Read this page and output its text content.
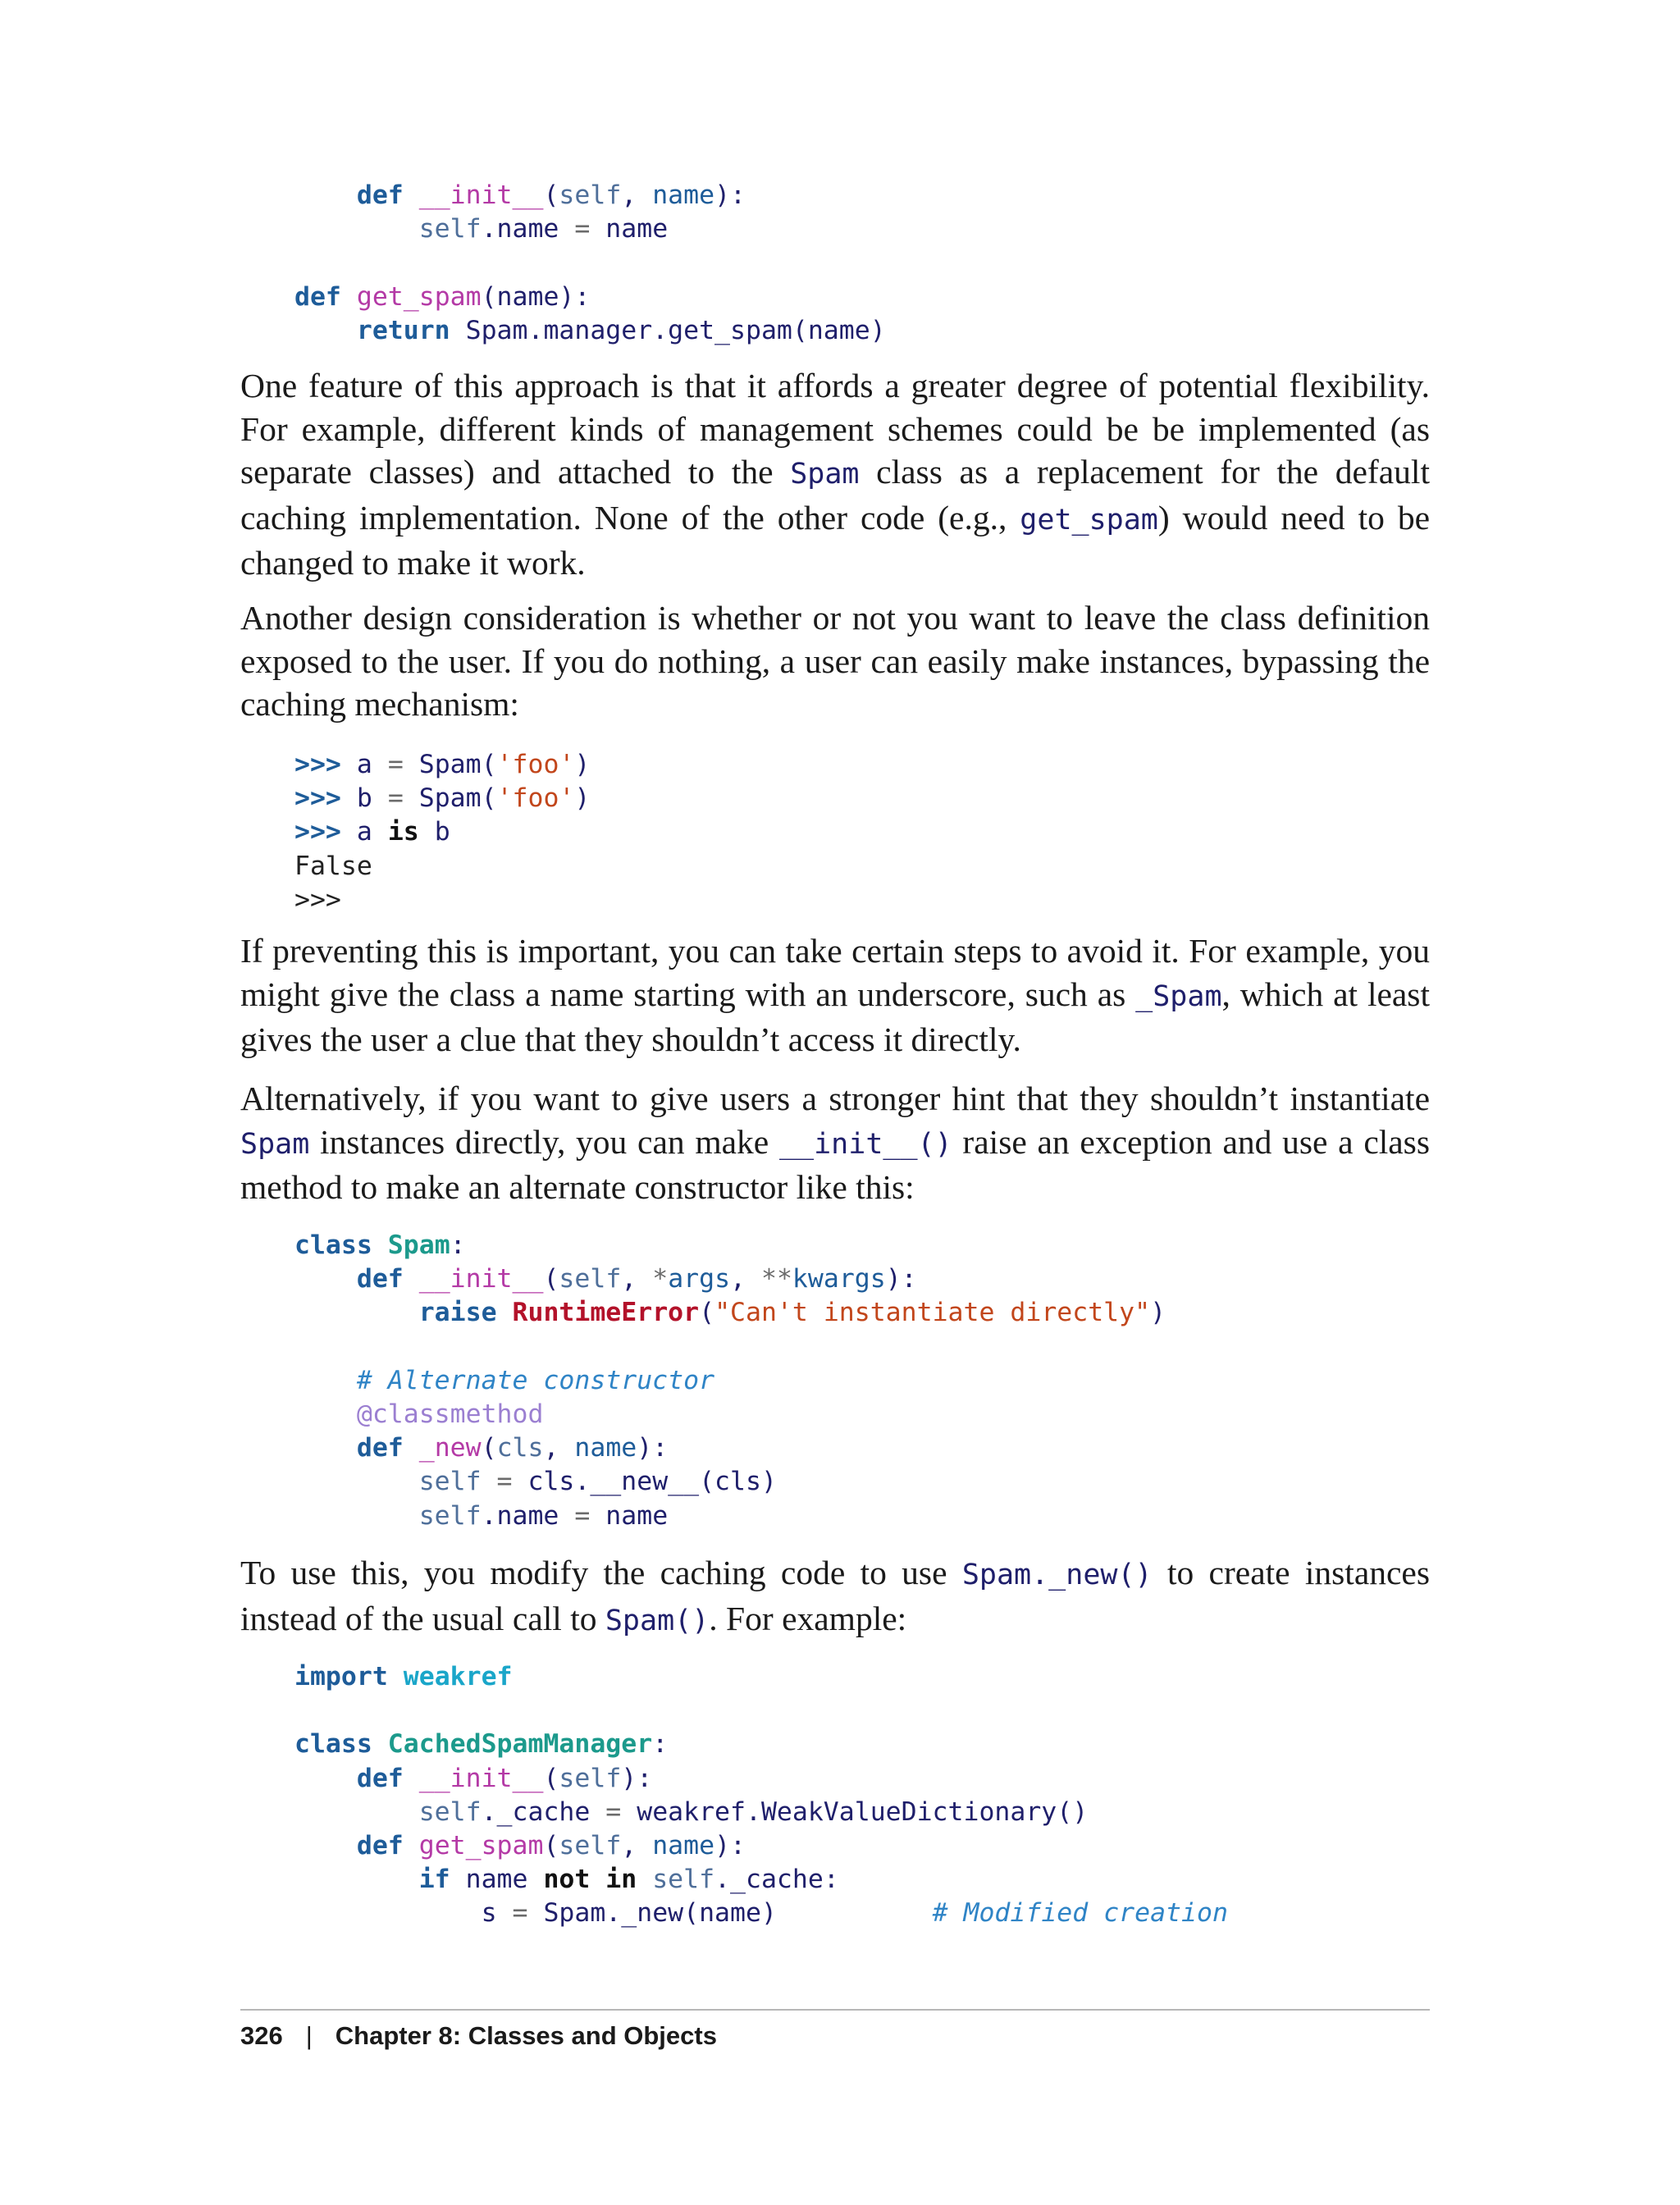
def __init__(self, name):
self.name = name

def get_spam(name):
return Spam.manager.get_spam(name)

One feature of this approach is that it affords a greater degree of potential flexibility. For example, different kinds of management schemes could be be implemented (as separate classes) and attached to the Spam class as a replacement for the default caching implementation. None of the other code (e.g., get_spam) would need to be changed to make it work.

Another design consideration is whether or not you want to leave the class definition exposed to the user. If you do nothing, a user can easily make instances, bypassing the caching mechanism:

>>> a = Spam('foo')
>>> b = Spam('foo')
>>> a is b
False
>>>

If preventing this is important, you can take certain steps to avoid it. For example, you might give the class a name starting with an underscore, such as _Spam, which at least gives the user a clue that they shouldn’t access it directly.

Alternatively, if you want to give users a stronger hint that they shouldn’t instantiate Spam instances directly, you can make __init__() raise an exception and use a class method to make an alternate constructor like this:

class Spam:
def __init__(self, *args, **kwargs):
raise RuntimeError("Can't instantiate directly")

# Alternate constructor
@classmethod
def _new(cls, name):
self = cls.__new__(cls)
self.name = name

To use this, you modify the caching code to use Spam._new() to create instances instead of the usual call to Spam(). For example:

import weakref

class CachedSpamManager:
def __init__(self):
self._cache = weakref.WeakValueDictionary()
def get_spam(self, name):
if name not in self._cache:
s = Spam._new(name)          # Modified creation
326 | Chapter 8: Classes and Objects
